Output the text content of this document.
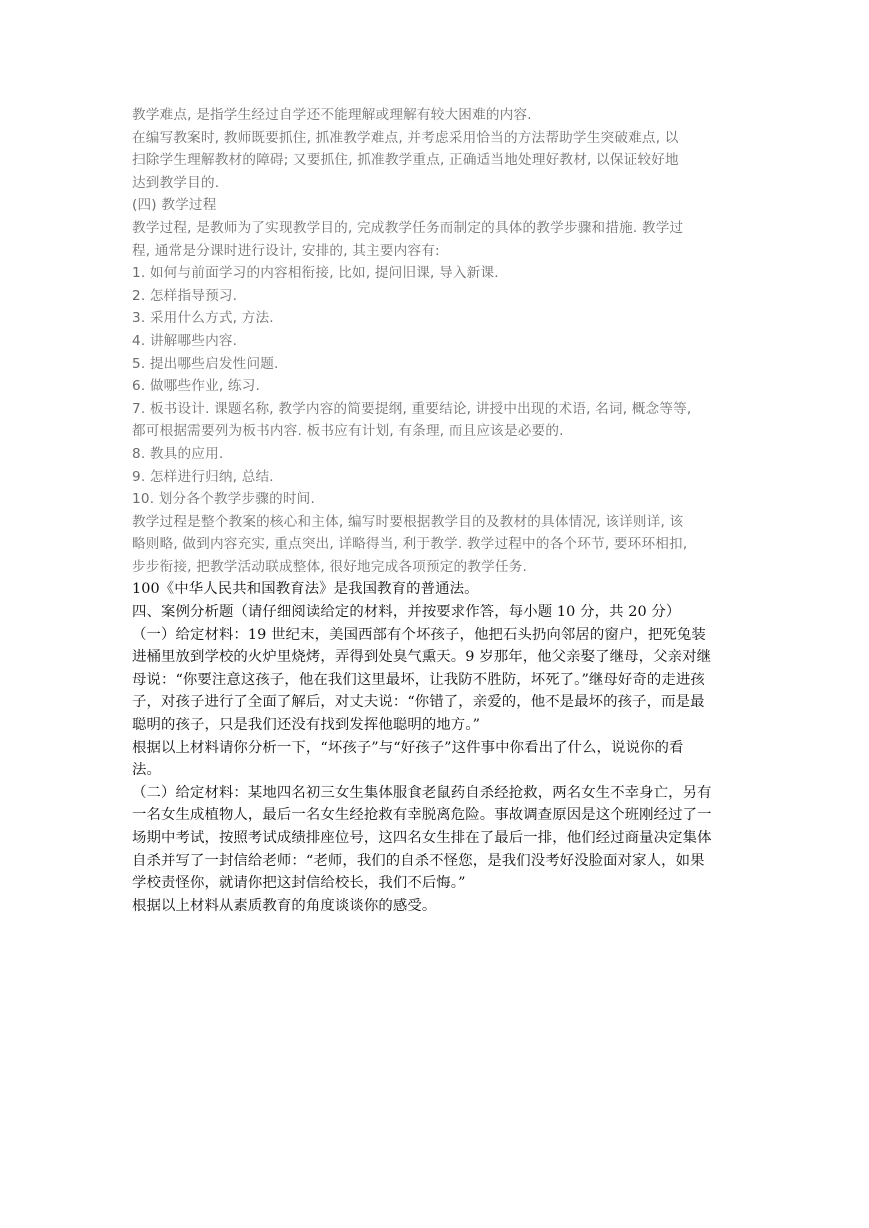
教学难点, 是指学生经过自学还不能理解或理解有较大困难的内容.
在编写教案时, 教师既要抓住, 抓准教学难点, 并考虑采用恰当的方法帮助学生突破难点, 以
扫除学生理解教材的障碍; 又要抓住, 抓准教学重点, 正确适当地处理好教材, 以保证较好地
达到教学目的.
(四) 教学过程
教学过程, 是教师为了实现教学目的, 完成教学任务而制定的具体的教学步骤和措施. 教学过
程, 通常是分课时进行设计, 安排的, 其主要内容有:
1. 如何与前面学习的内容相衔接, 比如, 提问旧课, 导入新课.
2. 怎样指导预习.
3. 采用什么方式, 方法.
4. 讲解哪些内容.
5. 提出哪些启发性问题.
6. 做哪些作业, 练习.
7. 板书设计. 课题名称, 教学内容的简要提纲, 重要结论, 讲授中出现的术语, 名词, 概念等等,
都可根据需要列为板书内容. 板书应有计划, 有条理, 而且应该是必要的.
8. 教具的应用.
9. 怎样进行归纳, 总结.
10. 划分各个教学步骤的时间.
教学过程是整个教案的核心和主体, 编写时要根据教学目的及教材的具体情况, 该详则详, 该
略则略, 做到内容充实, 重点突出, 详略得当, 利于教学. 教学过程中的各个环节, 要环环相扣,
步步衔接, 把教学活动联成整体, 很好地完成各项预定的教学任务.
100《中华人民共和国教育法》是我国教育的普通法。
四、案例分析题（请仔细阅读给定的材料，并按要求作答，每小题 10 分，共 20 分）
（一）给定材料：19 世纪末，美国西部有个坏孩子，他把石头扔向邻居的窗户，把死兔装
进桶里放到学校的火炉里烧烤，弄得到处臭气熏天。9 岁那年，他父亲娶了继母，父亲对继
母说：“你要注意这孩子，他在我们这里最坏，让我防不胜防，坏死了。”继母好奇的走进孩
子，对孩子进行了全面了解后，对丈夫说：“你错了，亲爱的，他不是最坏的孩子，而是最
聪明的孩子，只是我们还没有找到发挥他聪明的地方。”
根据以上材料请你分析一下，“坏孩子”与“好孩子”这件事中你看出了什么，说说你的看
法。
（二）给定材料：某地四名初三女生集体服食老鼠药自杀经抢救，两名女生不幸身亡，另有
一名女生成植物人，最后一名女生经抢救有幸脱离危险。事故调查原因是这个班刚经过了一
场期中考试，按照考试成绩排座位号，这四名女生排在了最后一排，他们经过商量决定集体
自杀并写了一封信给老师：“老师，我们的自杀不怪您，是我们没考好没脸面对家人，如果
学校责怪你，就请你把这封信给校长，我们不后悔。”
根据以上材料从素质教育的角度谈谈你的感受。
